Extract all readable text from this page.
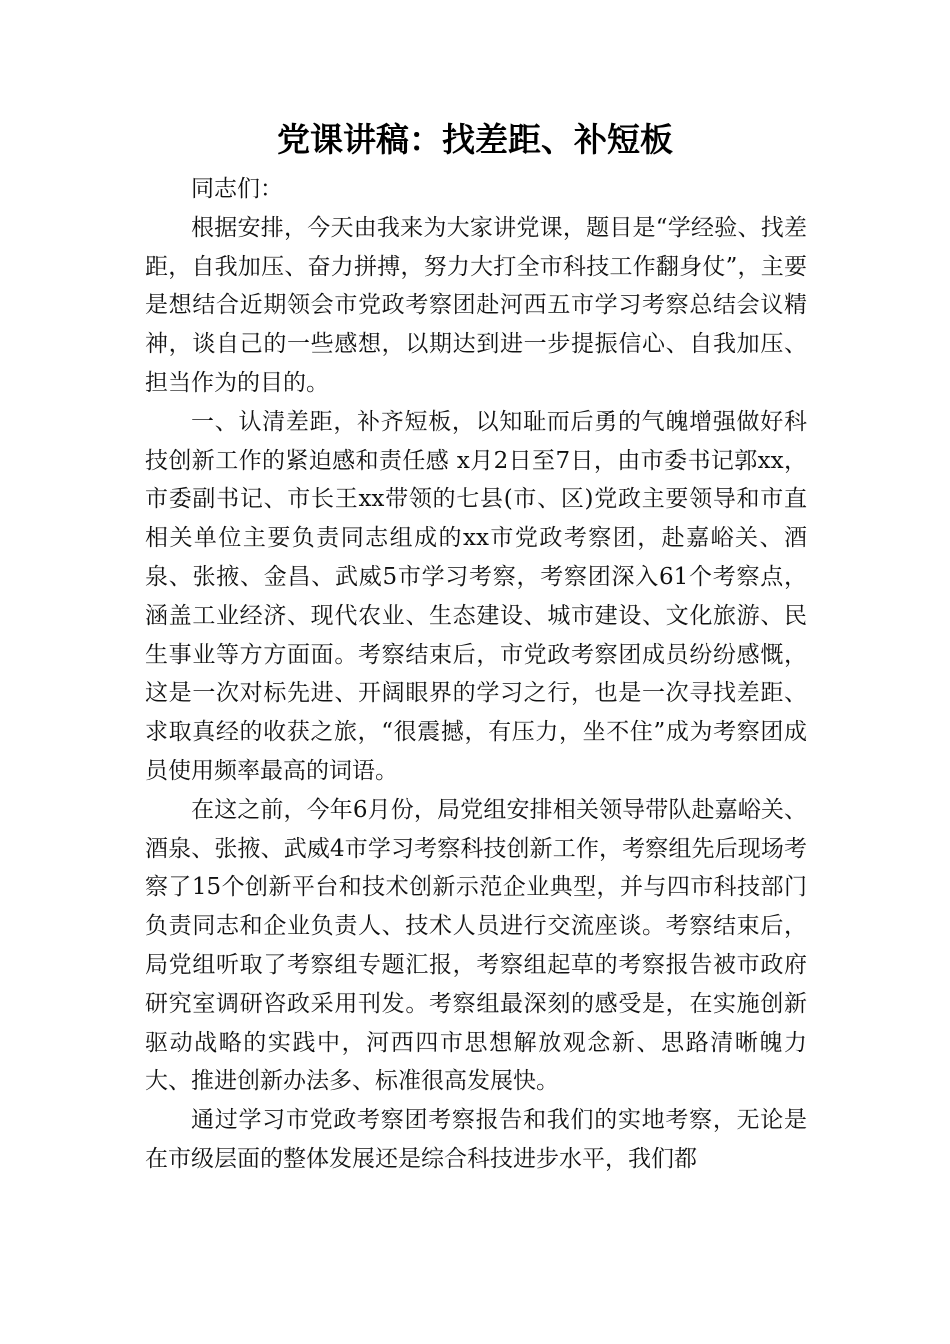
党课讲稿：找差距、补短板

同志们：

根据安排，今天由我来为大家讲党课，题目是“学经验、找差距，自我加压、奋力拼搏，努力大打全市科技工作翻身仗”，主要是想结合近期领会市党政考察团赴河西五市学习考察总结会议精神，谈自己的一些感想，以期达到进一步提振信心、自我加压、担当作为的目的。

一、认清差距，补齐短板，以知耻而后勇的气魄增强做好科技创新工作的紧迫感和责任感 x月2日至7日，由市委书记郭xx，市委副书记、市长王xx带领的七县(市、区)党政主要领导和市直相关单位主要负责同志组成的xx市党政考察团，赴嘉峪关、酒泉、张掖、金昌、武威5市学习考察，考察团深入61个考察点，涵盖工业经济、现代农业、生态建设、城市建设、文化旅游、民生事业等方方面面。考察结束后，市党政考察团成员纷纷感慨，这是一次对标先进、开阔眼界的学习之行，也是一次寻找差距、求取真经的收获之旅，“很震撼，有压力，坐不住”成为考察团成员使用频率最高的词语。

在这之前，今年6月份，局党组安排相关领导带队赴嘉峪关、酒泉、张掖、武威4市学习考察科技创新工作，考察组先后现场考察了15个创新平台和技术创新示范企业典型，并与四市科技部门负责同志和企业负责人、技术人员进行交流座谈。考察结束后，局党组听取了考察组专题汇报，考察组起草的考察报告被市政府研究室调研咨政采用刊发。考察组最深刻的感受是，在实施创新驱动战略的实践中，河西四市思想解放观念新、思路清晰魄力大、推进创新办法多、标准很高发展快。

通过学习市党政考察团考察报告和我们的实地考察，无论是在市级层面的整体发展还是综合科技进步水平，我们都
